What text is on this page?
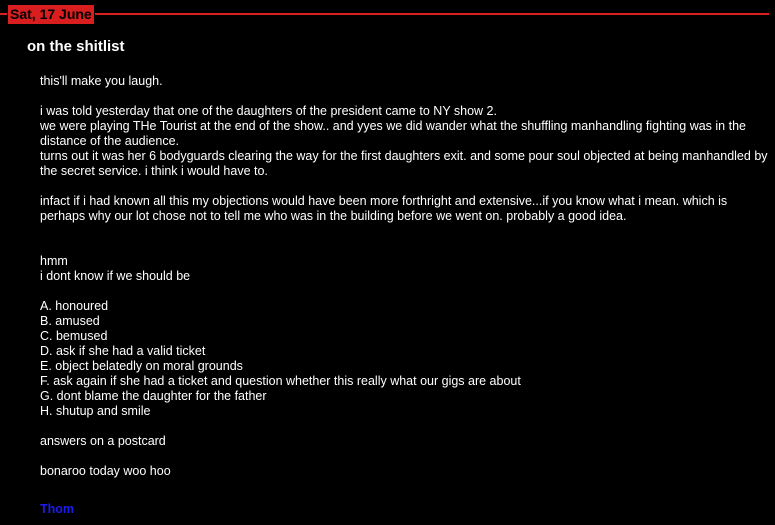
Sat, 17 June
on the shitlist
this'll make you laugh.
i was told yesterday that one of the daughters of the president came to NY show 2.
we were playing THe Tourist at the end of the show.. and yyes we did wander what the shuffling manhandling fighting was in the distance of the audience.
turns out it was her 6 bodyguards clearing the way for the first daughters exit. and some pour soul objected at being manhandled by the secret service. i think i would have to.
infact if i had known all this my objections would have been more forthright and extensive...if you know what i mean. which is perhaps why our lot chose not to tell me who was in the building before we went on. probably a good idea.
hmm
i dont know if we should be
A. honoured
B. amused
C. bemused
D. ask if she had a valid ticket
E. object belatedly on moral grounds
F. ask again if she had a ticket and question whether this really what our gigs are about
G. dont blame the daughter for the father
H. shutup and smile
answers on a postcard
bonaroo today woo hoo
Thom
